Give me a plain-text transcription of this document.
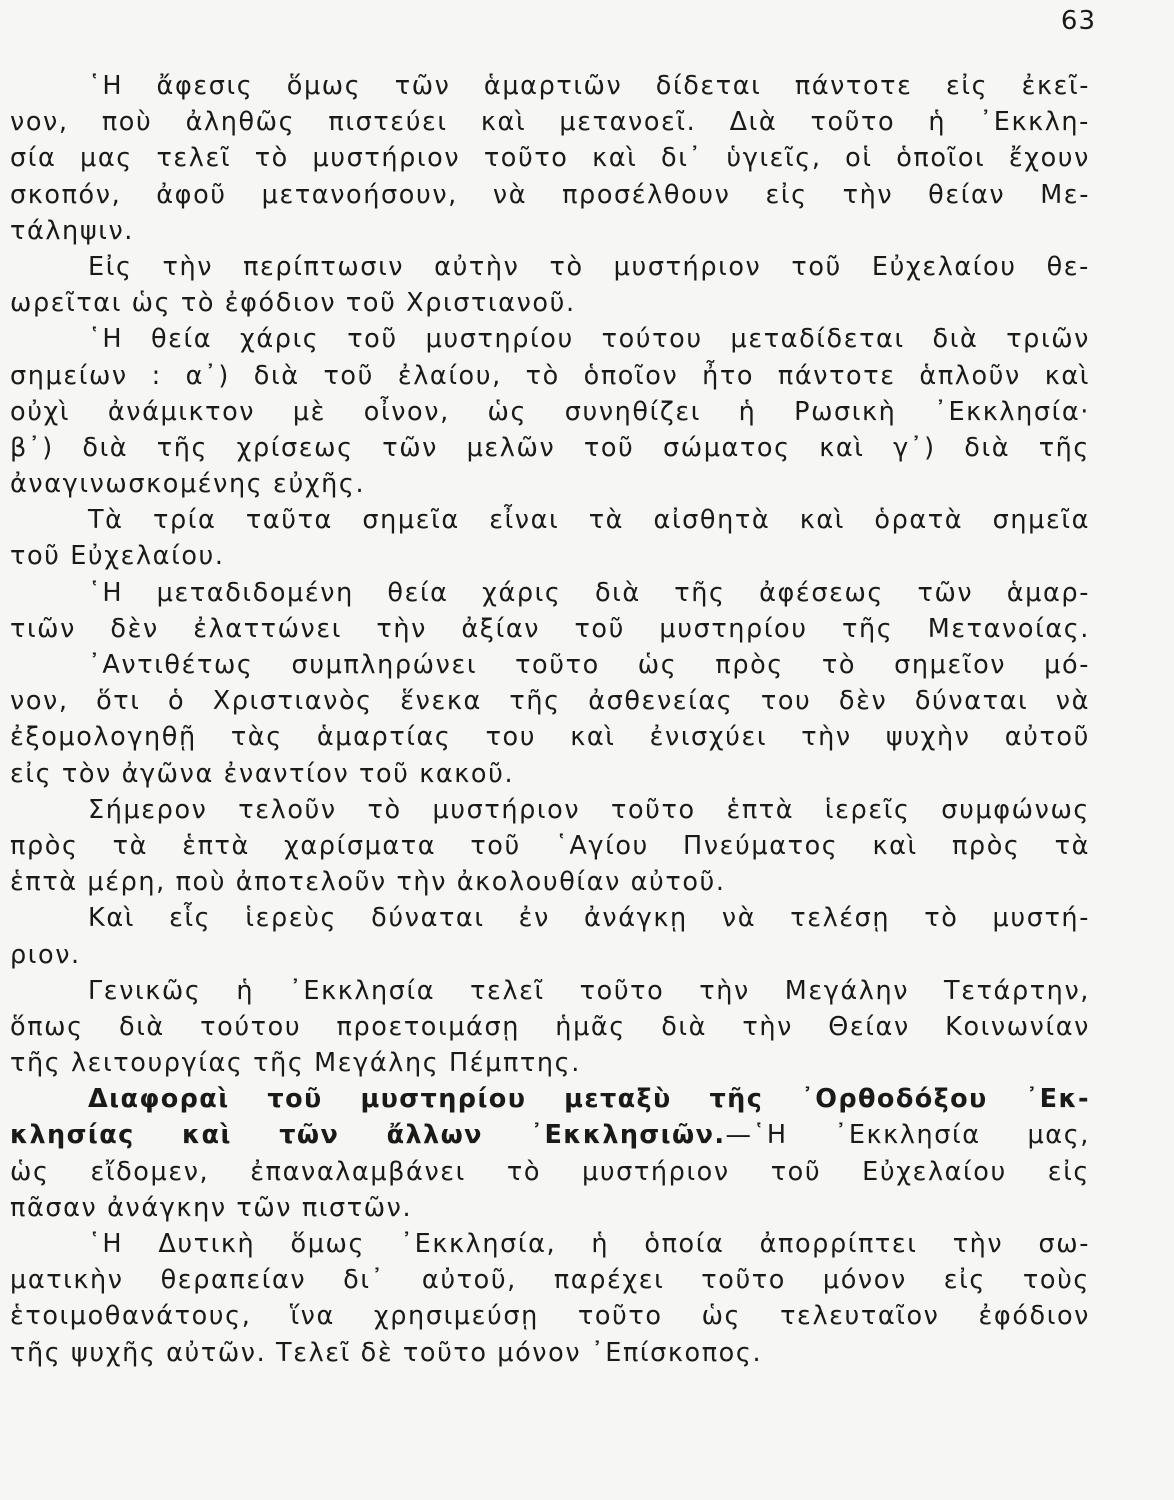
63
῾Η ἄφεσις ὅμως τῶν ἁμαρτιῶν δίδεται πάντοτε εἰς ἐκεῖ-
νον, ποὺ ἀληθῶς πιστεύει καὶ μετανοεῖ. Διὰ τοῦτο ἡ ᾿Εκκλη-
σία μας τελεῖ τὸ μυστήριον τοῦτο καὶ δι᾿ ὑγιεῖς, οἱ ὁποῖοι ἔχουν
σκοπόν, ἀφοῦ μετανοήσουν, νὰ προσέλθουν εἰς τὴν θείαν Με-
τάληψιν.
Εἰς τὴν περίπτωσιν αὐτὴν τὸ μυστήριον τοῦ Εὐχελαίου θε-
ωρεῖται ὡς τὸ ἐφόδιον τοῦ Χριστιανοῦ.
῾Η θεία χάρις τοῦ μυστηρίου τούτου μεταδίδεται διὰ τριῶν
σημείων : α᾿) διὰ τοῦ ἐλαίου, τὸ ὁποῖον ἦτο πάντοτε ἁπλοῦν καὶ
οὐχὶ ἀνάμικτον μὲ οἶνον, ὡς συνηθίζει ἡ Ρωσικὴ ᾿Εκκλησία·
β᾿) διὰ τῆς χρίσεως τῶν μελῶν τοῦ σώματος καὶ γ᾿) διὰ τῆς
ἀναγινωσκομένης εὐχῆς.
Τὰ τρία ταῦτα σημεῖα εἶναι τὰ αἰσθητὰ καὶ ὁρατὰ σημεῖα
τοῦ Εὐχελαίου.
῾Η μεταδιδομένη θεία χάρις διὰ τῆς ἀφέσεως τῶν ἁμαρ-
τιῶν δὲν ἐλαττώνει τὴν ἀξίαν τοῦ μυστηρίου τῆς Μετανοίας.
᾿Αντιθέτως συμπληρώνει τοῦτο ὡς πρὸς τὸ σημεῖον μό-
νον, ὅτι ὁ Χριστιανὸς ἕνεκα τῆς ἀσθενείας του δὲν δύναται νὰ
ἐξομολογηθῇ τὰς ἁμαρτίας του καὶ ἐνισχύει τὴν ψυχὴν αὐτοῦ
εἰς τὸν ἀγῶνα ἐναντίον τοῦ κακοῦ.
Σήμερον τελοῦν τὸ μυστήριον τοῦτο ἑπτὰ ἱερεῖς συμφώνως
πρὸς τὰ ἑπτὰ χαρίσματα τοῦ ῾Αγίου Πνεύματος καὶ πρὸς τὰ
ἑπτὰ μέρη, ποὺ ἀποτελοῦν τὴν ἀκολουθίαν αὐτοῦ.
Καὶ εἷς ἱερεὺς δύναται ἐν ἀνάγκῃ νὰ τελέσῃ τὸ μυστή-
ριον.
Γενικῶς ἡ ᾿Εκκλησία τελεῖ τοῦτο τὴν Μεγάλην Τετάρτην,
ὅπως διὰ τούτου προετοιμάσῃ ἡμᾶς διὰ τὴν Θείαν Κοινωνίαν
τῆς λειτουργίας τῆς Μεγάλης Πέμπτης.
Διαφοραὶ τοῦ μυστηρίου μεταξὺ τῆς ᾿Ορθοδόξου ᾿Εκ-
κλησίας καὶ τῶν ἄλλων ᾿Εκκλησιῶν.—῾Η ᾿Εκκλησία μας,
ὡς εἴδομεν, ἐπαναλαμβάνει τὸ μυστήριον τοῦ Εὐχελαίου εἰς
πᾶσαν ἀνάγκην τῶν πιστῶν.
῾Η Δυτικὴ ὅμως ᾿Εκκλησία, ἡ ὁποία ἀπορρίπτει τὴν σω-
ματικὴν θεραπείαν δι᾿ αὐτοῦ, παρέχει τοῦτο μόνον εἰς τοὺς
ἑτοιμοθανάτους, ἵνα χρησιμεύσῃ τοῦτο ὡς τελευταῖον ἐφόδιον
τῆς ψυχῆς αὐτῶν. Τελεῖ δὲ τοῦτο μόνον ᾿Επίσκοπος.
